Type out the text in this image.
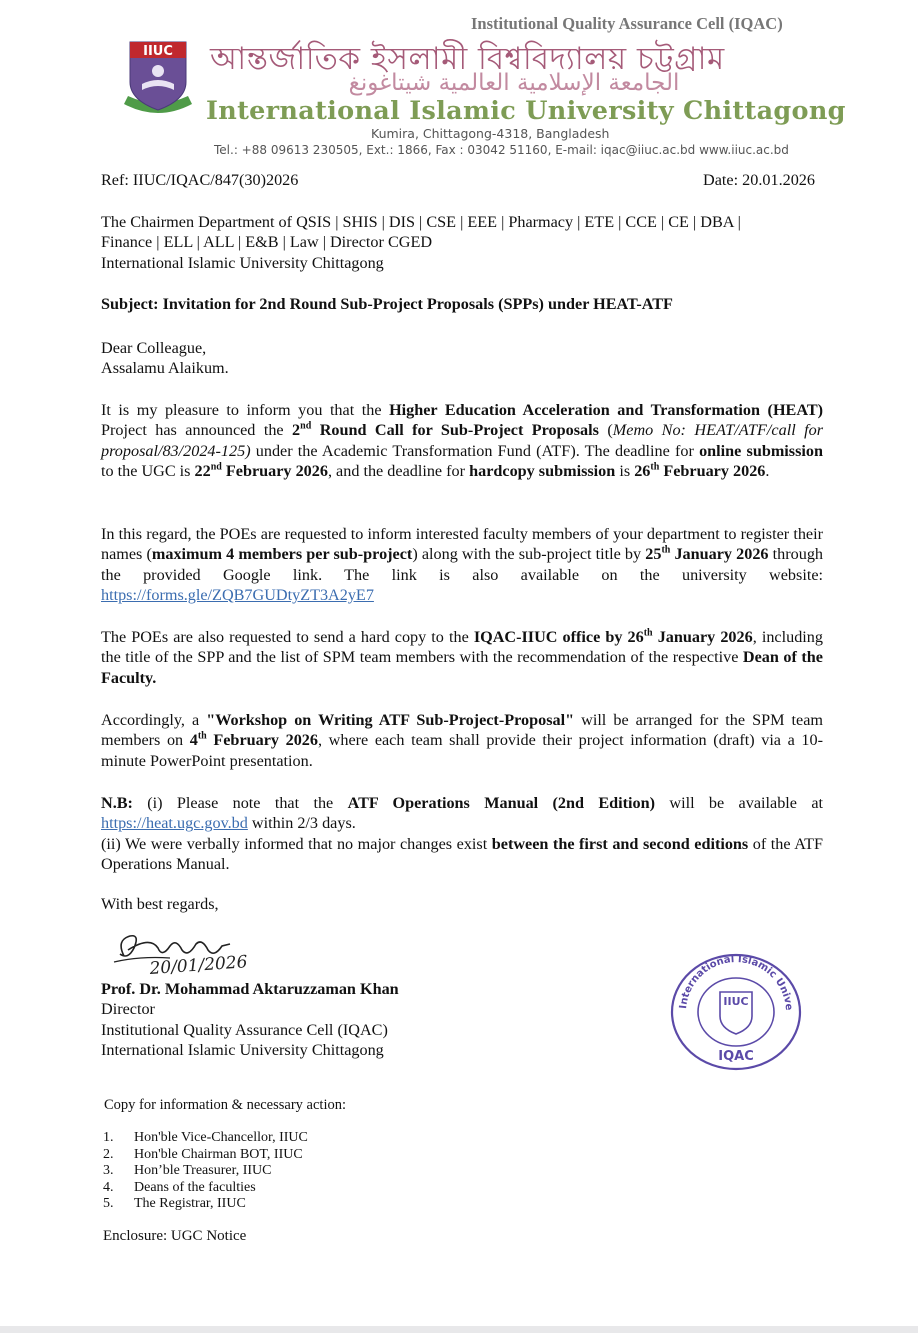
Institutional Quality Assurance Cell (IQAC)
IIUC আন্তর্জাতিক ইসলামী বিশ্ববিদ্যালয় চট্টগ্রাম
الجامعة الإسلامية العالمية شيتاغونغ
International Islamic University Chittagong
Kumira, Chittagong-4318, Bangladesh
Tel.: +88 09613 230505, Ext.: 1866, Fax : 03042 51160, E-mail: iqac@iiuc.ac.bd www.iiuc.ac.bd
Ref: IIUC/IQAC/847(30)2026	Date: 20.01.2026
The Chairmen Department of QSIS | SHIS | DIS | CSE | EEE | Pharmacy | ETE | CCE | CE | DBA |
Finance | ELL | ALL | E&B | Law | Director CGED
International Islamic University Chittagong
Subject: Invitation for 2nd Round Sub-Project Proposals (SPPs) under HEAT-ATF
Dear Colleague,
Assalamu Alaikum.
It is my pleasure to inform you that the Higher Education Acceleration and Transformation (HEAT) Project has announced the 2nd Round Call for Sub-Project Proposals (Memo No: HEAT/ATF/call for proposal/83/2024-125) under the Academic Transformation Fund (ATF). The deadline for online submission to the UGC is 22nd February 2026, and the deadline for hardcopy submission is 26th February 2026.
In this regard, the POEs are requested to inform interested faculty members of your department to register their names (maximum 4 members per sub-project) along with the sub-project title by 25th January 2026 through the provided Google link. The link is also available on the university website: https://forms.gle/ZQB7GUDtyZT3A2yE7
The POEs are also requested to send a hard copy to the IQAC-IIUC office by 26th January 2026, including the title of the SPP and the list of SPM team members with the recommendation of the respective Dean of the Faculty.
Accordingly, a "Workshop on Writing ATF Sub-Project-Proposal" will be arranged for the SPM team members on 4th February 2026, where each team shall provide their project information (draft) via a 10-minute PowerPoint presentation.
N.B: (i) Please note that the ATF Operations Manual (2nd Edition) will be available at https://heat.ugc.gov.bd within 2/3 days.
(ii) We were verbally informed that no major changes exist between the first and second editions of the ATF Operations Manual.
With best regards,
20/01/2026
Prof. Dr. Mohammad Aktaruzzaman Khan
Director
Institutional Quality Assurance Cell (IQAC)
International Islamic University Chittagong
International Islamic Unive
IIUC
IQAC
Copy for information & necessary action:
1.	Hon'ble Vice-Chancellor, IIUC
2.	Hon'ble Chairman BOT, IIUC
3.	Hon’ble Treasurer, IIUC
4.	Deans of the faculties
5.	The Registrar, IIUC
Enclosure: UGC Notice
